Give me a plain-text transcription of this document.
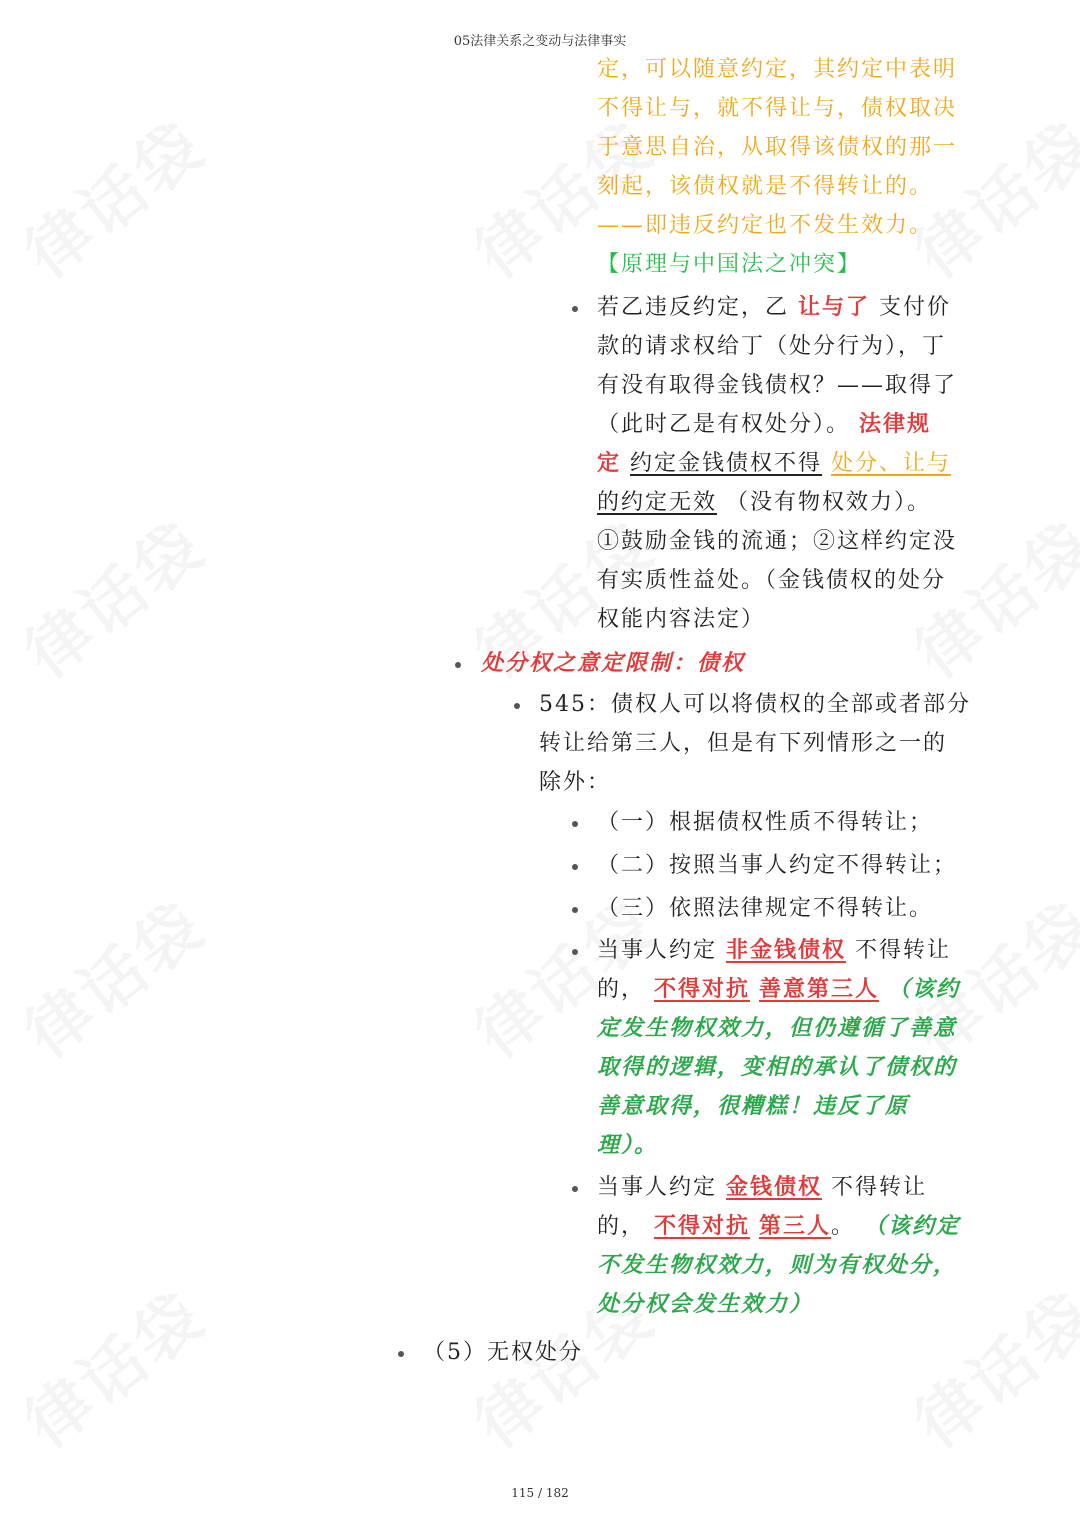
05法律关系之变动与法律事实
定，可以随意约定，其约定中表明
不得让与，就不得让与，债权取决
于意思自治，从取得该债权的那一
刻起，该债权就是不得转让的。
——即违反约定也不发生效力。
【原理与中国法之冲突】
若乙违反约定，乙 让与了 支付价
款的请求权给丁（处分行为），丁
有没有取得金钱债权？——取得了
（此时乙是有权处分）。 法律规
定 约定金钱债权不得 处分、让与
的约定无效 （没有物权效力）。
①鼓励金钱的流通；②这样约定没
有实质性益处。（金钱债权的处分
权能内容法定）
处分权之意定限制：债权
545：债权人可以将债权的全部或者部分
转让给第三人，但是有下列情形之一的
除外：
（一）根据债权性质不得转让；
（二）按照当事人约定不得转让；
（三）依照法律规定不得转让。
当事人约定 非金钱债权 不得转让
的， 不得对抗 善意第三人 （该约
定发生物权效力，但仍遵循了善意
取得的逻辑，变相的承认了债权的
善意取得，很糟糕！违反了原
理）。
当事人约定 金钱债权 不得转让
的， 不得对抗 第三人。 （该约定
不发生物权效力，则为有权处分，
处分权会发生效力）
（5）无权处分
115 / 182
